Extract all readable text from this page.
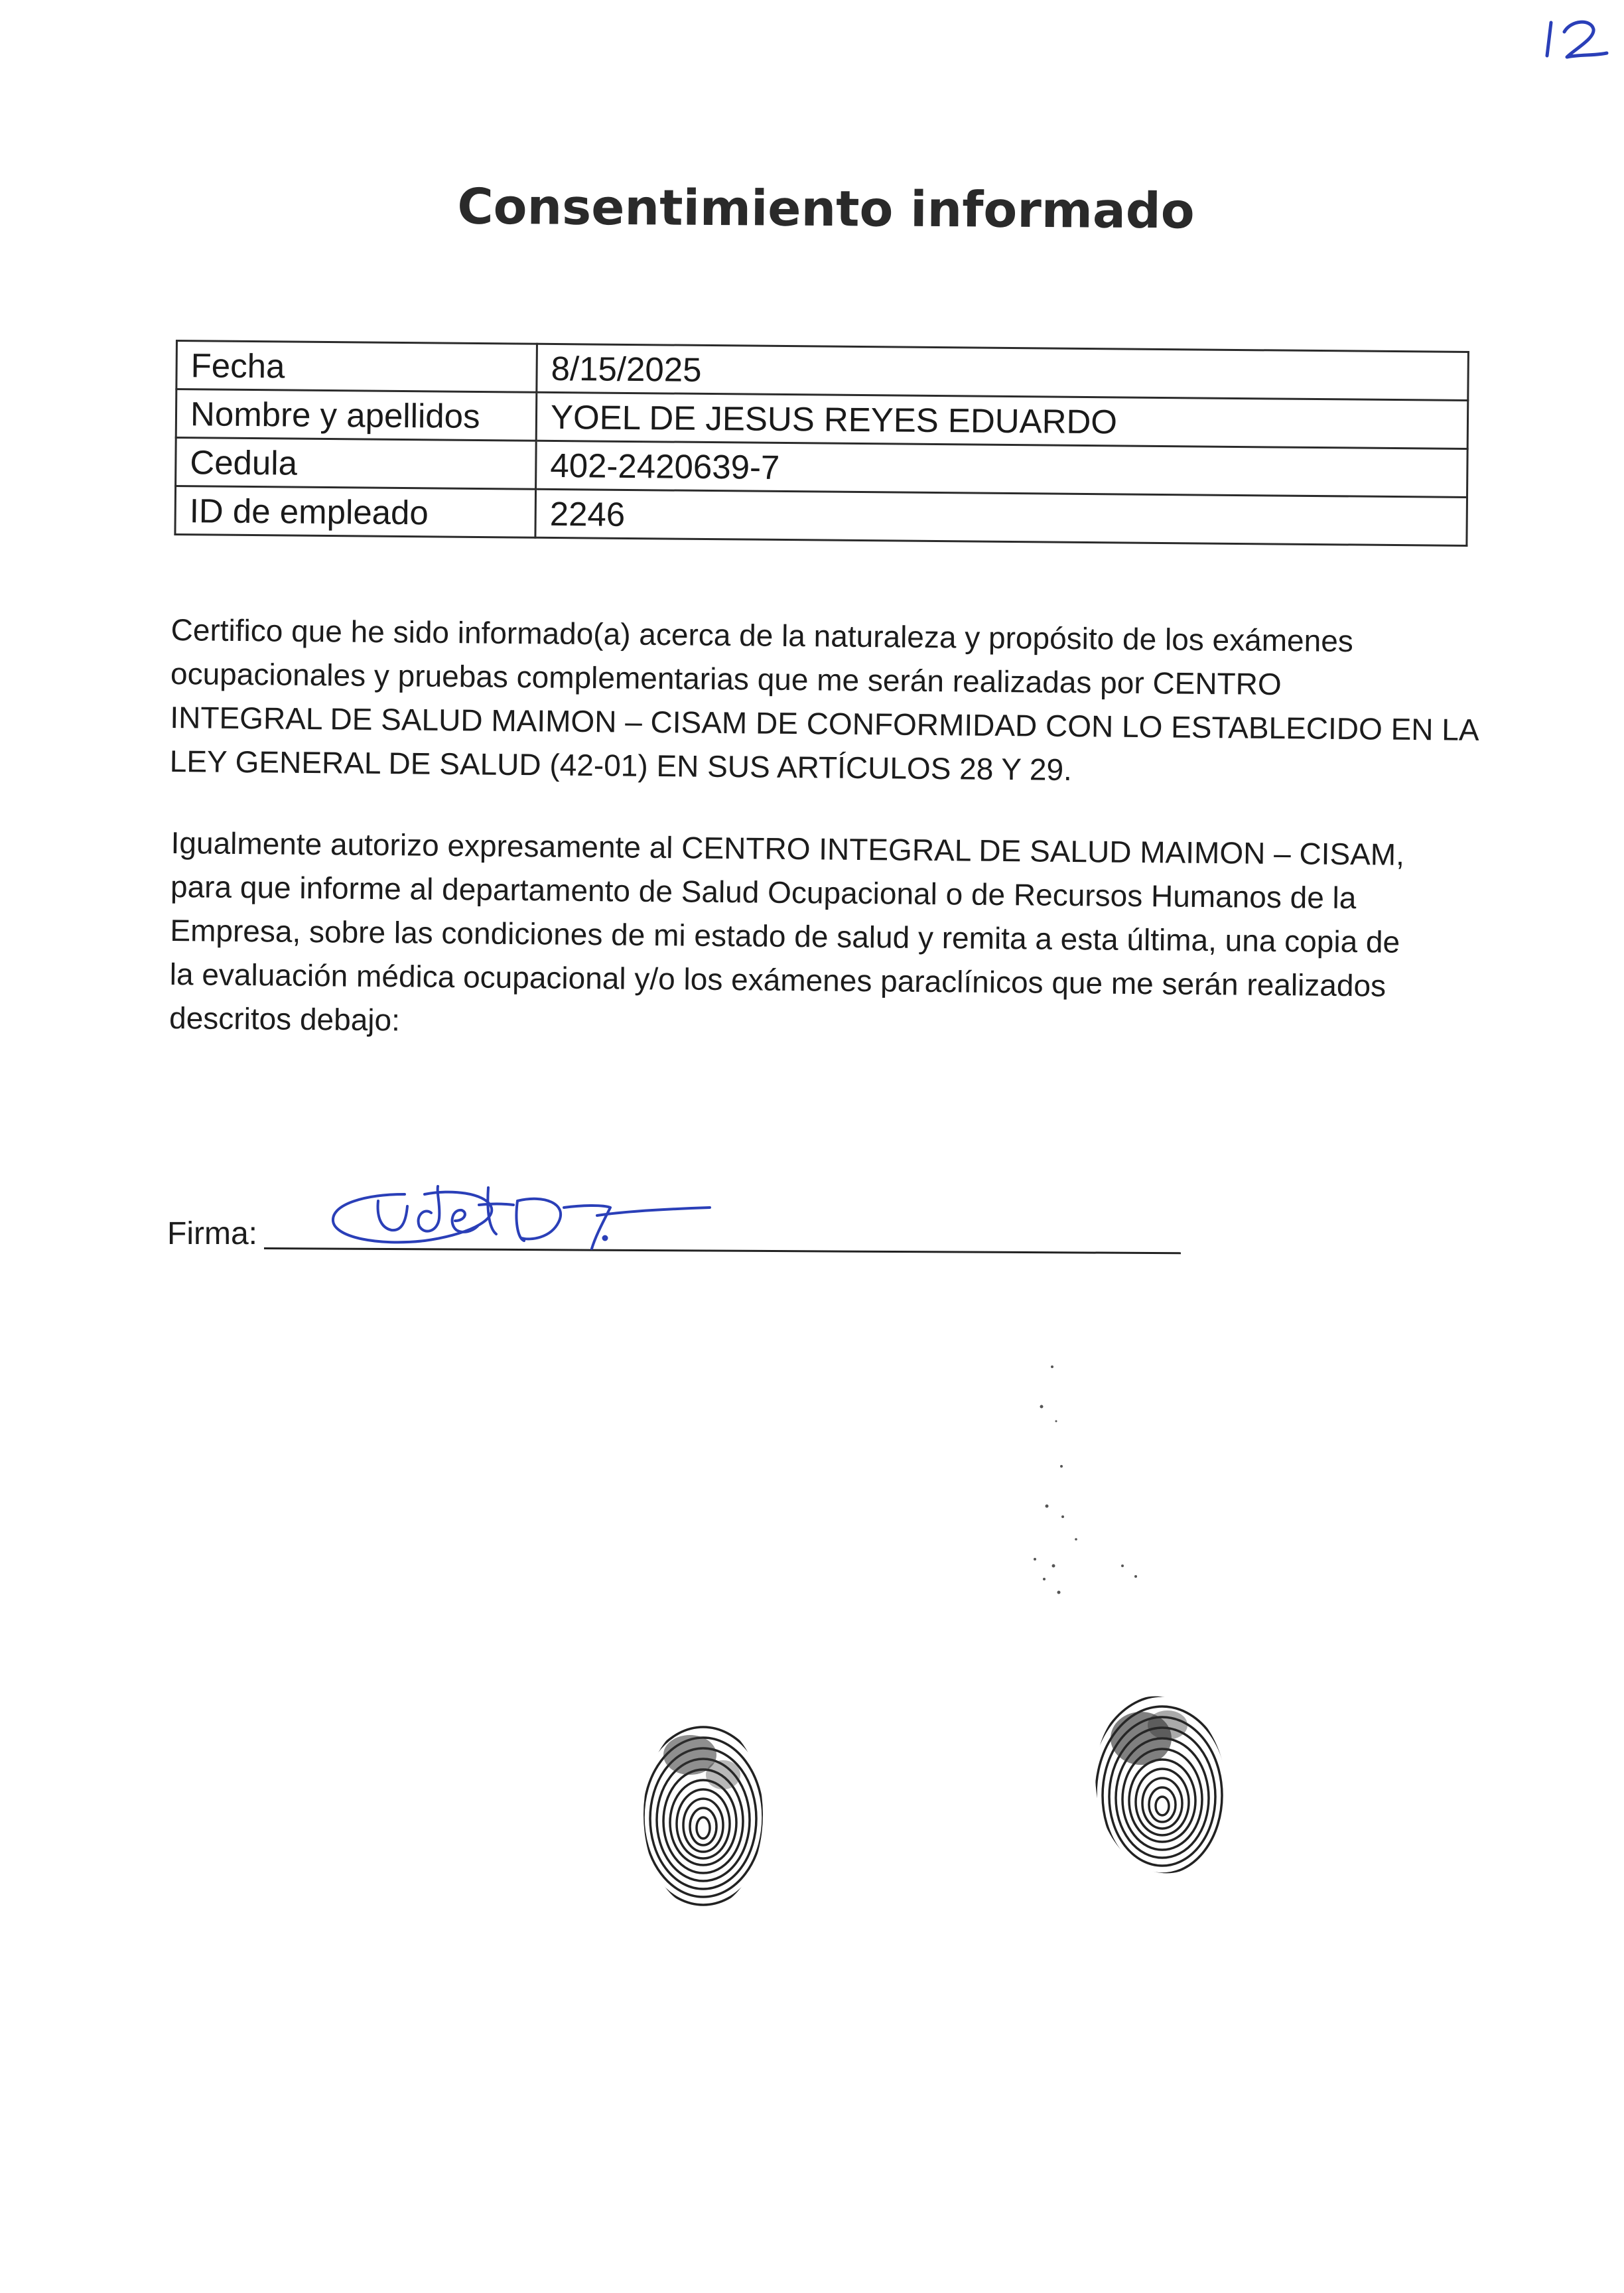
Consentimiento informado
Fecha	8/15/2025
Nombre y apellidos	YOEL DE JESUS REYES EDUARDO
Cedula	402-2420639-7
ID de empleado	2246
Certifico que he sido informado(a) acerca de la naturaleza y propósito de los exámenes
ocupacionales y pruebas complementarias que me serán realizadas por CENTRO
INTEGRAL DE SALUD MAIMON – CISAM DE CONFORMIDAD CON LO ESTABLECIDO EN LA
LEY GENERAL DE SALUD (42-01) EN SUS ARTÍCULOS 28 Y 29.
Igualmente autorizo expresamente al CENTRO INTEGRAL DE SALUD MAIMON – CISAM,
para que informe al departamento de Salud Ocupacional o de Recursos Humanos de la
Empresa, sobre las condiciones de mi estado de salud y remita a esta última, una copia de
la evaluación médica ocupacional y/o los exámenes paraclínicos que me serán realizados
descritos debajo:
Firma:
